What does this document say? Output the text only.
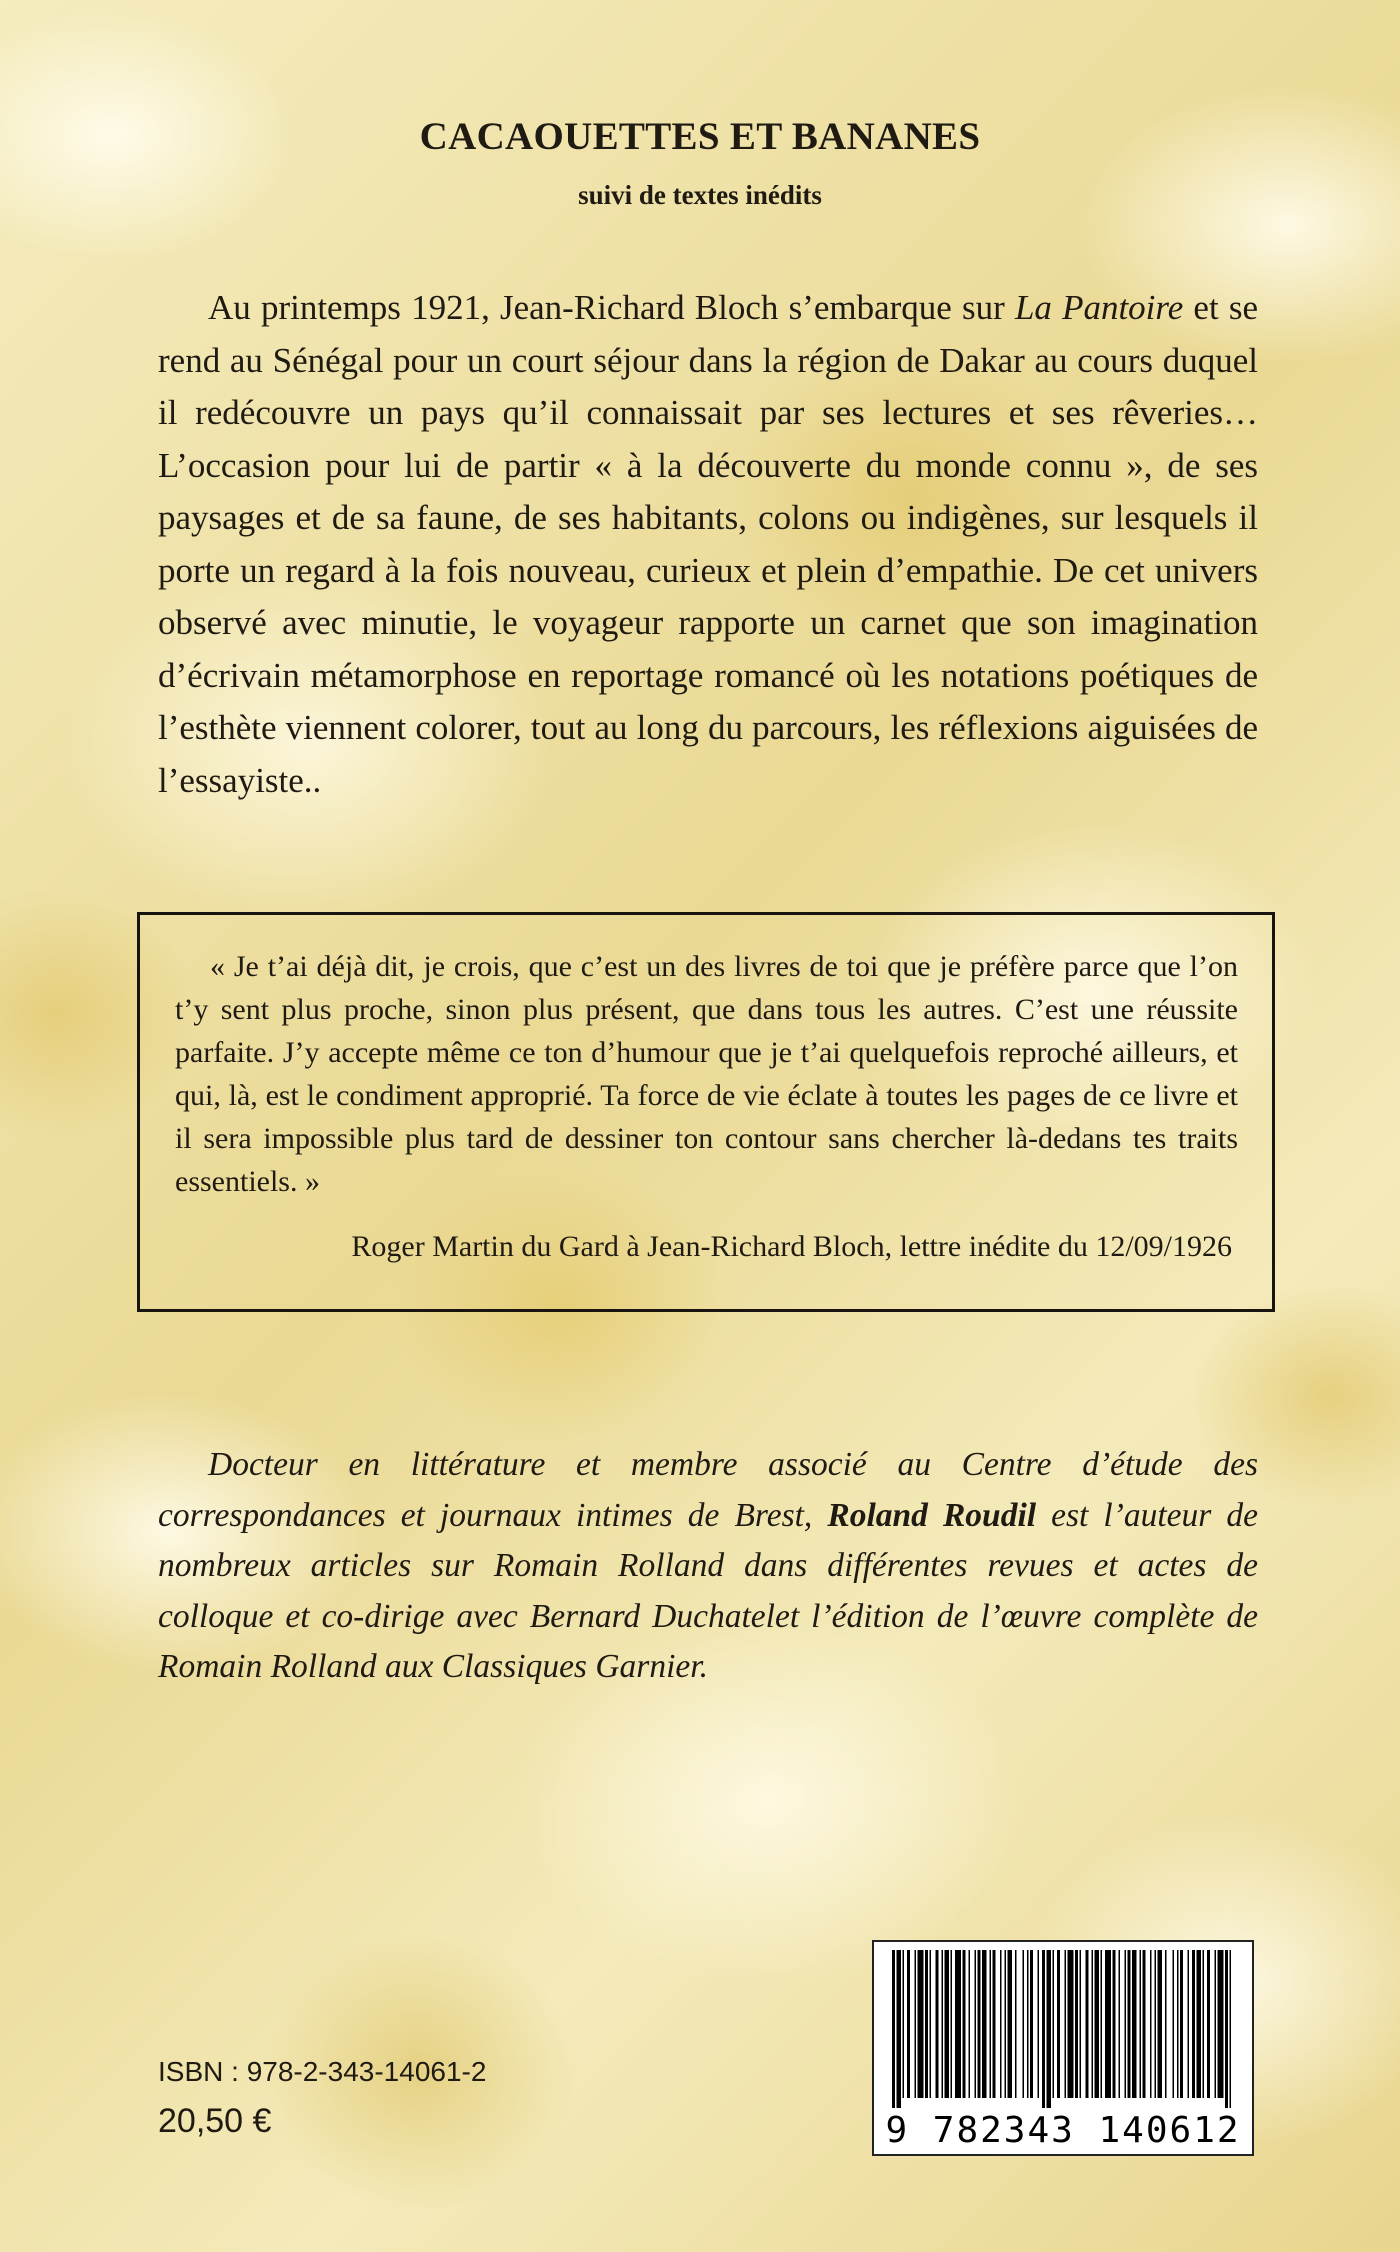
CACAOUETTES ET BANANES
suivi de textes inédits

Au printemps 1921, Jean-Richard Bloch s’embarque sur La Pantoire et se rend au Sénégal pour un court séjour dans la région de Dakar au cours duquel il redécouvre un pays qu’il connaissait par ses lectures et ses rêveries… L’occasion pour lui de partir « à la découverte du monde connu », de ses paysages et de sa faune, de ses habitants, colons ou indigènes, sur lesquels il porte un regard à la fois nouveau, curieux et plein d’empathie. De cet univers observé avec minutie, le voyageur rapporte un carnet que son imagination d’écrivain métamorphose en reportage romancé où les notations poétiques de l’esthète viennent colorer, tout au long du parcours, les réflexions aiguisées de l’essayiste..

« Je t’ai déjà dit, je crois, que c’est un des livres de toi que je préfère parce que l’on t’y sent plus proche, sinon plus présent, que dans tous les autres. C’est une réussite parfaite. J’y accepte même ce ton d’humour que je t’ai quelquefois reproché ailleurs, et qui, là, est le condiment approprié. Ta force de vie éclate à toutes les pages de ce livre et il sera impossible plus tard de dessiner ton contour sans chercher là-dedans tes traits essentiels. »

Roger Martin du Gard à Jean-Richard Bloch, lettre inédite du 12/09/1926

Docteur en littérature et membre associé au Centre d’étude des correspondances et journaux intimes de Brest, Roland Roudil est l’auteur de nombreux articles sur Romain Rolland dans différentes revues et actes de colloque et co-dirige avec Bernard Duchatelet l’édition de l’œuvre complète de Romain Rolland aux Classiques Garnier.

ISBN : 978-2-343-14061-2
20,50 €	9 782343 140612
